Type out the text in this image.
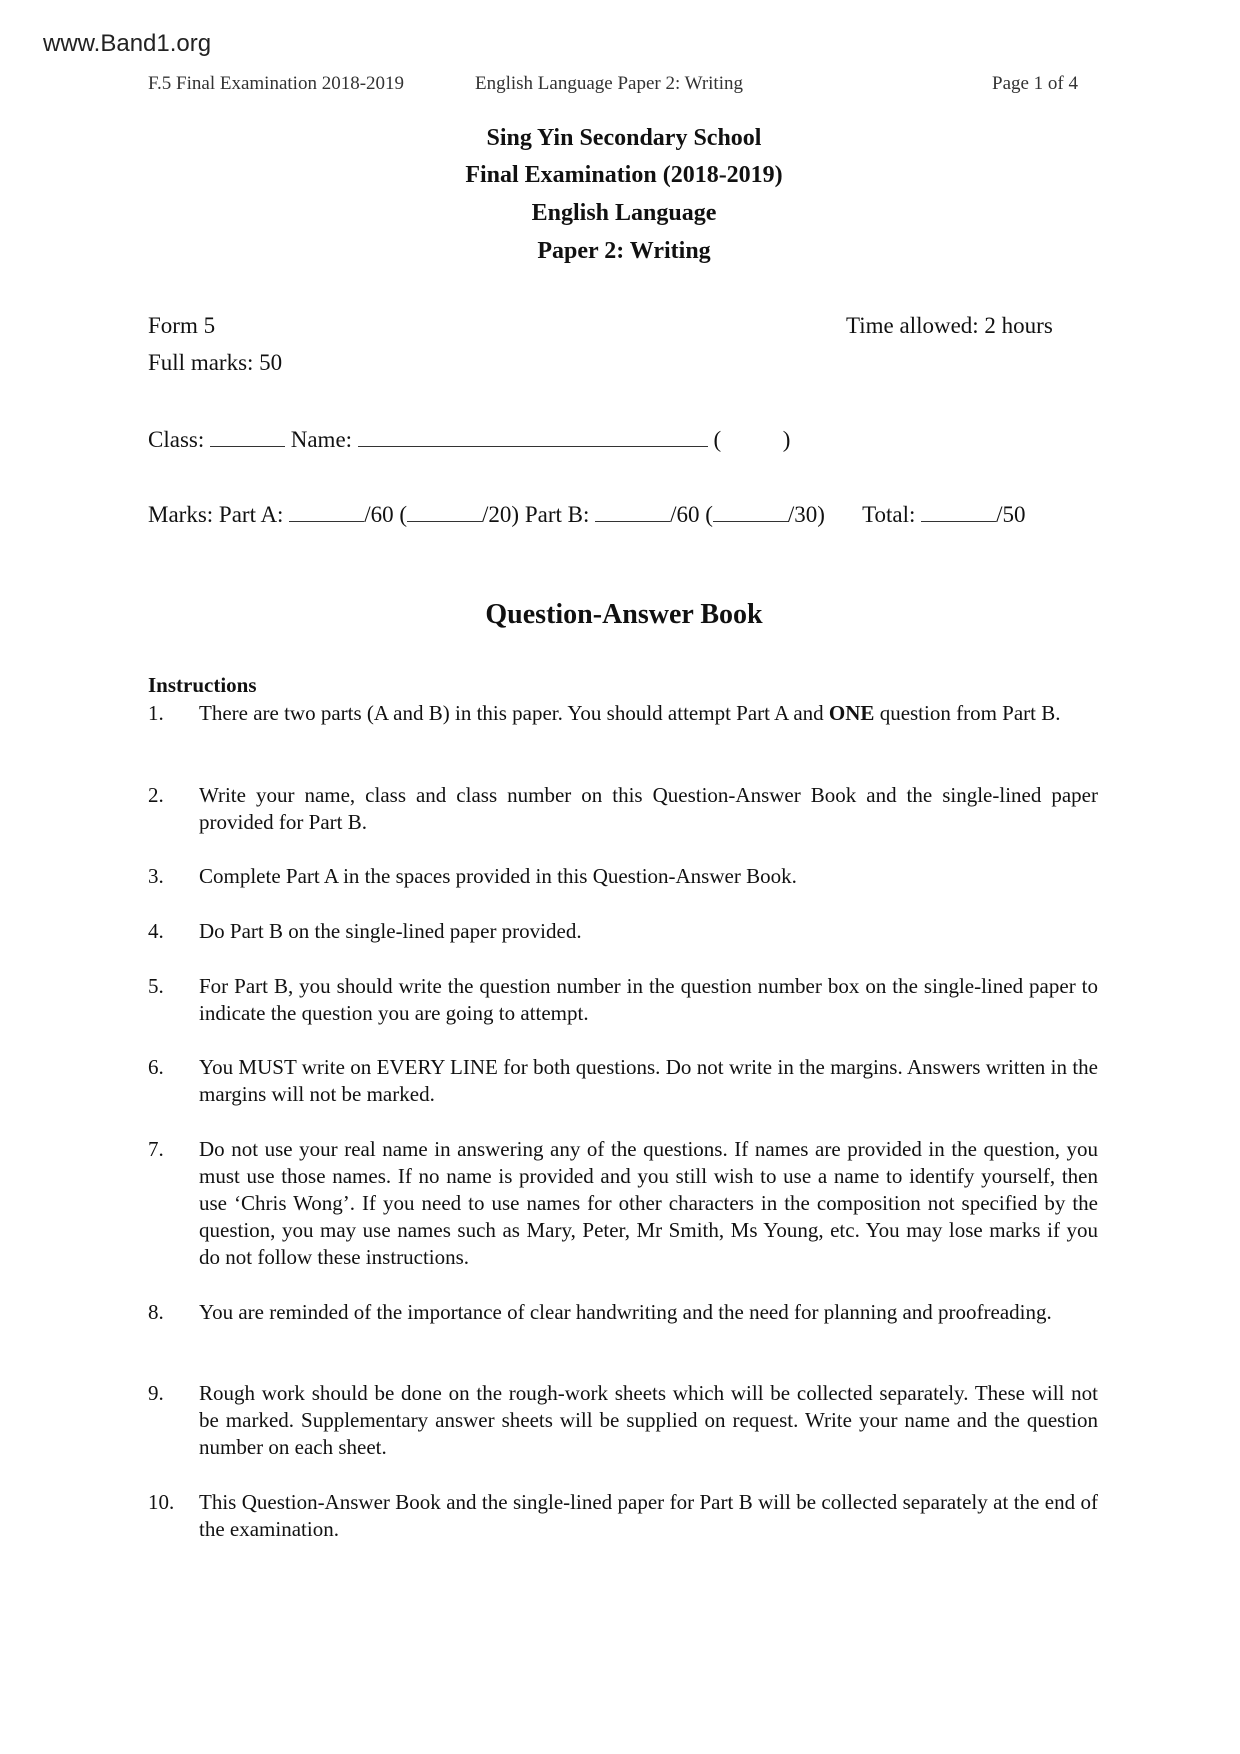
www.Band1.org
F.5 Final Examination 2018-2019	English Language Paper 2: Writing	Page 1 of 4
Sing Yin Secondary School
Final Examination (2018-2019)
English Language
Paper 2: Writing
Form 5	Time allowed: 2 hours
Full marks: 50
Class:	Name:	(	)
Marks: Part A:	/60 (	/20) Part B:	/60 (	/30) Total:	/50
Question-Answer Book
Instructions
1. There are two parts (A and B) in this paper. You should attempt Part A and ONE question from Part B.
2. Write your name, class and class number on this Question-Answer Book and the single-lined paper provided for Part B.
3. Complete Part A in the spaces provided in this Question-Answer Book.
4. Do Part B on the single-lined paper provided.
5. For Part B, you should write the question number in the question number box on the single-lined paper to indicate the question you are going to attempt.
6. You MUST write on EVERY LINE for both questions. Do not write in the margins. Answers written in the margins will not be marked.
7. Do not use your real name in answering any of the questions. If names are provided in the question, you must use those names. If no name is provided and you still wish to use a name to identify yourself, then use ‘Chris Wong’. If you need to use names for other characters in the composition not specified by the question, you may use names such as Mary, Peter, Mr Smith, Ms Young, etc. You may lose marks if you do not follow these instructions.
8. You are reminded of the importance of clear handwriting and the need for planning and proofreading.
9. Rough work should be done on the rough-work sheets which will be collected separately. These will not be marked. Supplementary answer sheets will be supplied on request. Write your name and the question number on each sheet.
10. This Question-Answer Book and the single-lined paper for Part B will be collected separately at the end of the examination.
